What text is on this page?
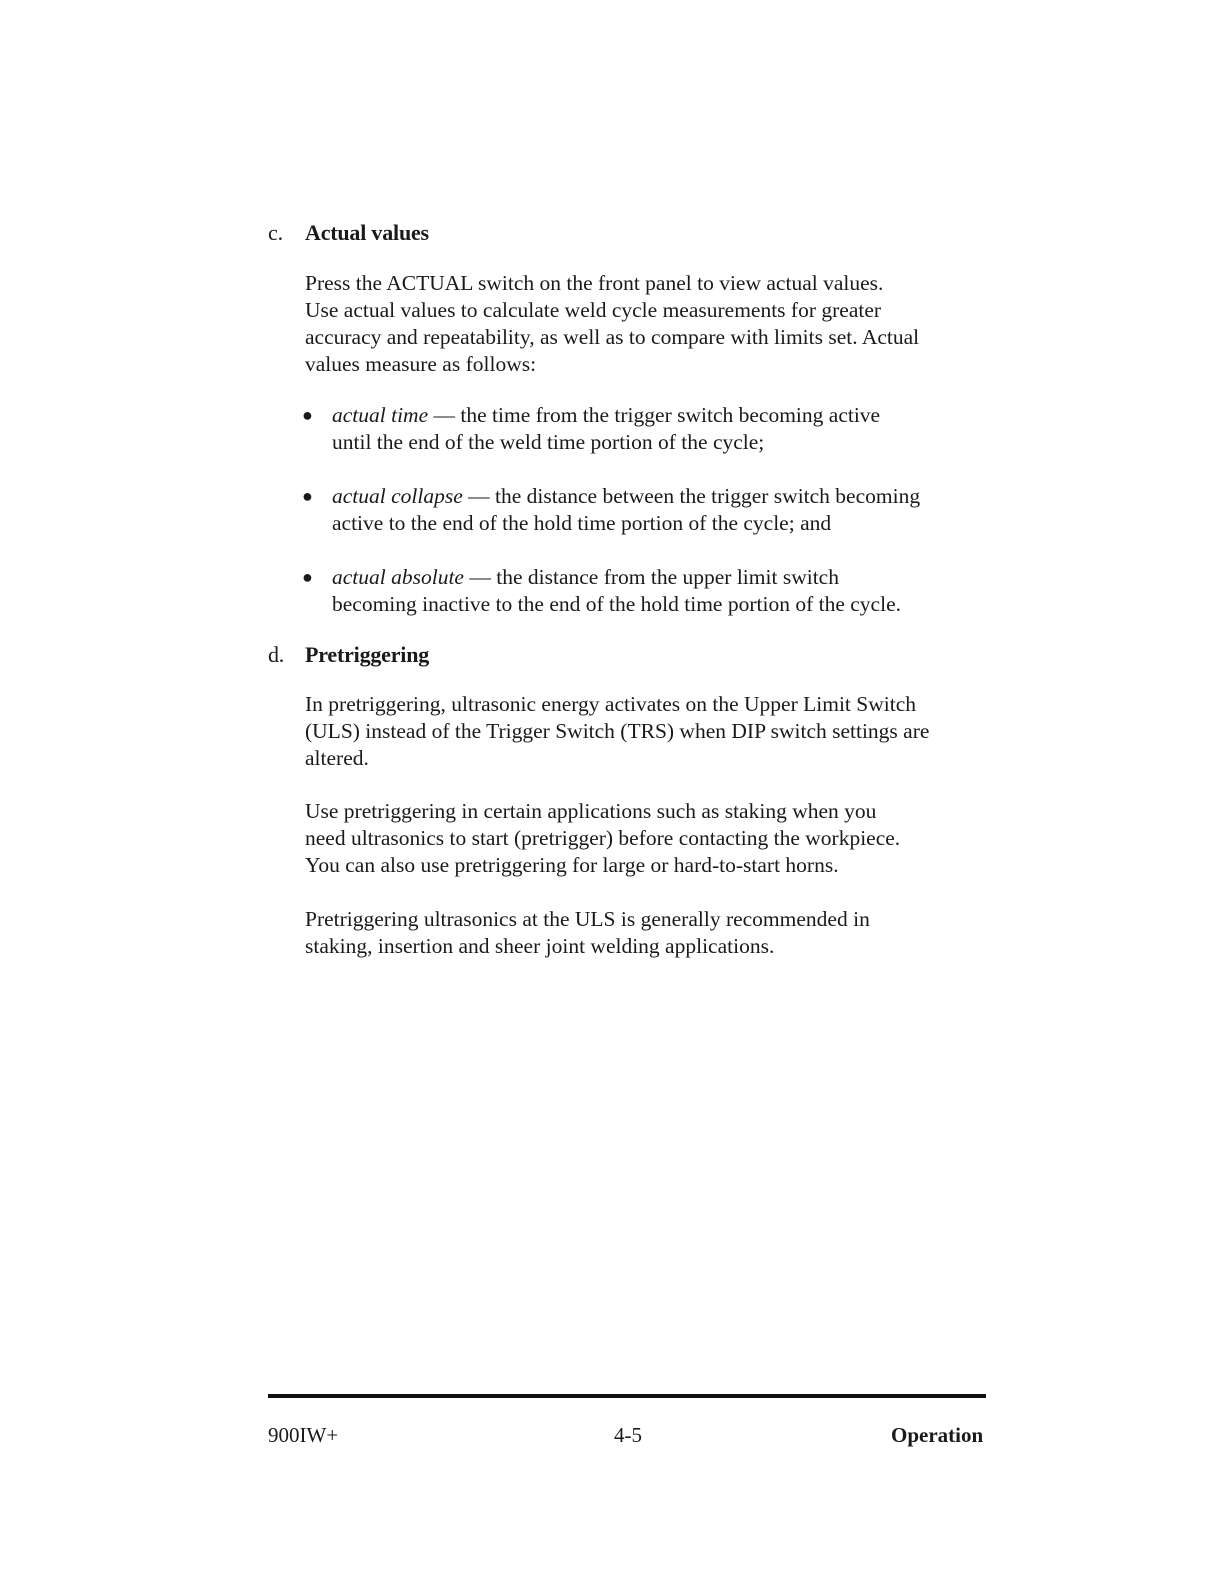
c. Actual values

Press the ACTUAL switch on the front panel to view actual values.
Use actual values to calculate weld cycle measurements for greater
accuracy and repeatability, as well as to compare with limits set. Actual
values measure as follows:

● actual time — the time from the trigger switch becoming active
until the end of the weld time portion of the cycle;
● actual collapse — the distance between the trigger switch becoming
active to the end of the hold time portion of the cycle; and
● actual absolute — the distance from the upper limit switch
becoming inactive to the end of the hold time portion of the cycle.
d. Pretriggering

In pretriggering, ultrasonic energy activates on the Upper Limit Switch
(ULS) instead of the Trigger Switch (TRS) when DIP switch settings are
altered.

Use pretriggering in certain applications such as staking when you
need ultrasonics to start (pretrigger) before contacting the workpiece.
You can also use pretriggering for large or hard-to-start horns.

Pretriggering ultrasonics at the ULS is generally recommended in
staking, insertion and sheer joint welding applications.

900IW+	4-5	Operation
